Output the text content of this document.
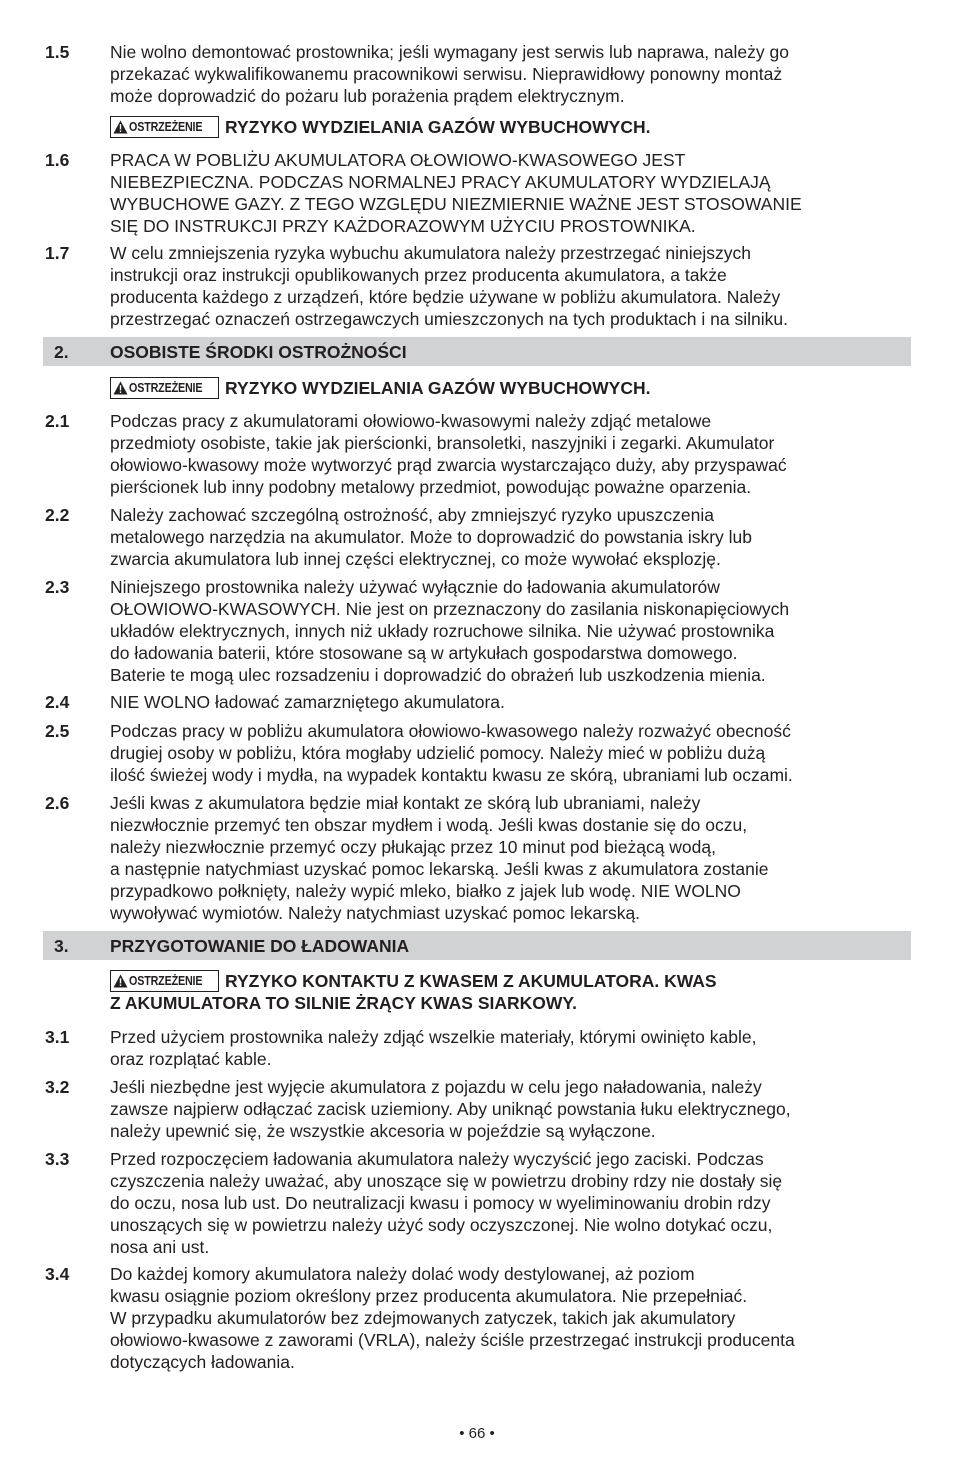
1.5 Nie wolno demontować prostownika; jeśli wymagany jest serwis lub naprawa, należy go
przekazać wykwalifikowanemu pracownikowi serwisu. Nieprawidłowy ponowny montaż
może doprowadzić do pożaru lub porażenia prądem elektrycznym.
OSTRZEŻENIE RYZYKO WYDZIELANIA GAZÓW WYBUCHOWYCH.
1.6 PRACA W POBLIŻU AKUMULATORA OŁOWIOWO-KWASOWEGO JEST
NIEBEZPIECZNA. PODCZAS NORMALNEJ PRACY AKUMULATORY WYDZIELAJĄ
WYBUCHOWE GAZY. Z TEGO WZGLĘDU NIEZMIERNIE WAŻNE JEST STOSOWANIE
SIĘ DO INSTRUKCJI PRZY KAŻDORAZOWYM UŻYCIU PROSTOWNIKA.
1.7 W celu zmniejszenia ryzyka wybuchu akumulatora należy przestrzegać niniejszych
instrukcji oraz instrukcji opublikowanych przez producenta akumulatora, a także
producenta każdego z urządzeń, które będzie używane w pobliżu akumulatora. Należy
przestrzegać oznaczeń ostrzegawczych umieszczonych na tych produktach i na silniku.
2. OSOBISTE ŚRODKI OSTROŻNOŚCI
OSTRZEŻENIE RYZYKO WYDZIELANIA GAZÓW WYBUCHOWYCH.
2.1 Podczas pracy z akumulatorami ołowiowo-kwasowymi należy zdjąć metalowe
przedmioty osobiste, takie jak pierścionki, bransoletki, naszyjniki i zegarki. Akumulator
ołowiowo-kwasowy może wytworzyć prąd zwarcia wystarczająco duży, aby przyspawać
pierścionek lub inny podobny metalowy przedmiot, powodując poważne oparzenia.
2.2 Należy zachować szczególną ostrożność, aby zmniejszyć ryzyko upuszczenia
metalowego narzędzia na akumulator. Może to doprowadzić do powstania iskry lub
zwarcia akumulatora lub innej części elektrycznej, co może wywołać eksplozję.
2.3 Niniejszego prostownika należy używać wyłącznie do ładowania akumulatorów
OŁOWIOWO-KWASOWYCH. Nie jest on przeznaczony do zasilania niskonapięciowych
układów elektrycznych, innych niż układy rozruchowe silnika. Nie używać prostownika
do ładowania baterii, które stosowane są w artykułach gospodarstwa domowego.
Baterie te mogą ulec rozsadzeniu i doprowadzić do obrażeń lub uszkodzenia mienia.
2.4 NIE WOLNO ładować zamarzniętego akumulatora.
2.5 Podczas pracy w pobliżu akumulatora ołowiowo-kwasowego należy rozważyć obecność
drugiej osoby w pobliżu, która mogłaby udzielić pomocy. Należy mieć w pobliżu dużą
ilość świeżej wody i mydła, na wypadek kontaktu kwasu ze skórą, ubraniami lub oczami.
2.6 Jeśli kwas z akumulatora będzie miał kontakt ze skórą lub ubraniami, należy
niezwłocznie przemyć ten obszar mydłem i wodą. Jeśli kwas dostanie się do oczu,
należy niezwłocznie przemyć oczy płukając przez 10 minut pod bieżącą wodą,
a następnie natychmiast uzyskać pomoc lekarską. Jeśli kwas z akumulatora zostanie
przypadkowo połknięty, należy wypić mleko, białko z jajek lub wodę. NIE WOLNO
wywoływać wymiotów. Należy natychmiast uzyskać pomoc lekarską.
3. PRZYGOTOWANIE DO ŁADOWANIA
OSTRZEŻENIE RYZYKO KONTAKTU Z KWASEM Z AKUMULATORA. KWAS
Z AKUMULATORA TO SILNIE ŻRĄCY KWAS SIARKOWY.
3.1 Przed użyciem prostownika należy zdjąć wszelkie materiały, którymi owinięto kable,
oraz rozplątać kable.
3.2 Jeśli niezbędne jest wyjęcie akumulatora z pojazdu w celu jego naładowania, należy
zawsze najpierw odłączać zacisk uziemiony. Aby uniknąć powstania łuku elektrycznego,
należy upewnić się, że wszystkie akcesoria w pojeździe są wyłączone.
3.3 Przed rozpoczęciem ładowania akumulatora należy wyczyścić jego zaciski. Podczas
czyszczenia należy uważać, aby unoszące się w powietrzu drobiny rdzy nie dostały się
do oczu, nosa lub ust. Do neutralizacji kwasu i pomocy w wyeliminowaniu drobin rdzy
unoszących się w powietrzu należy użyć sody oczyszczonej. Nie wolno dotykać oczu,
nosa ani ust.
3.4 Do każdej komory akumulatora należy dolać wody destylowanej, aż poziom
kwasu osiągnie poziom określony przez producenta akumulatora. Nie przepełniać.
W przypadku akumulatorów bez zdejmowanych zatyczek, takich jak akumulatory
ołowiowo-kwasowe z zaworami (VRLA), należy ściśle przestrzegać instrukcji producenta
dotyczących ładowania.
• 66 •
